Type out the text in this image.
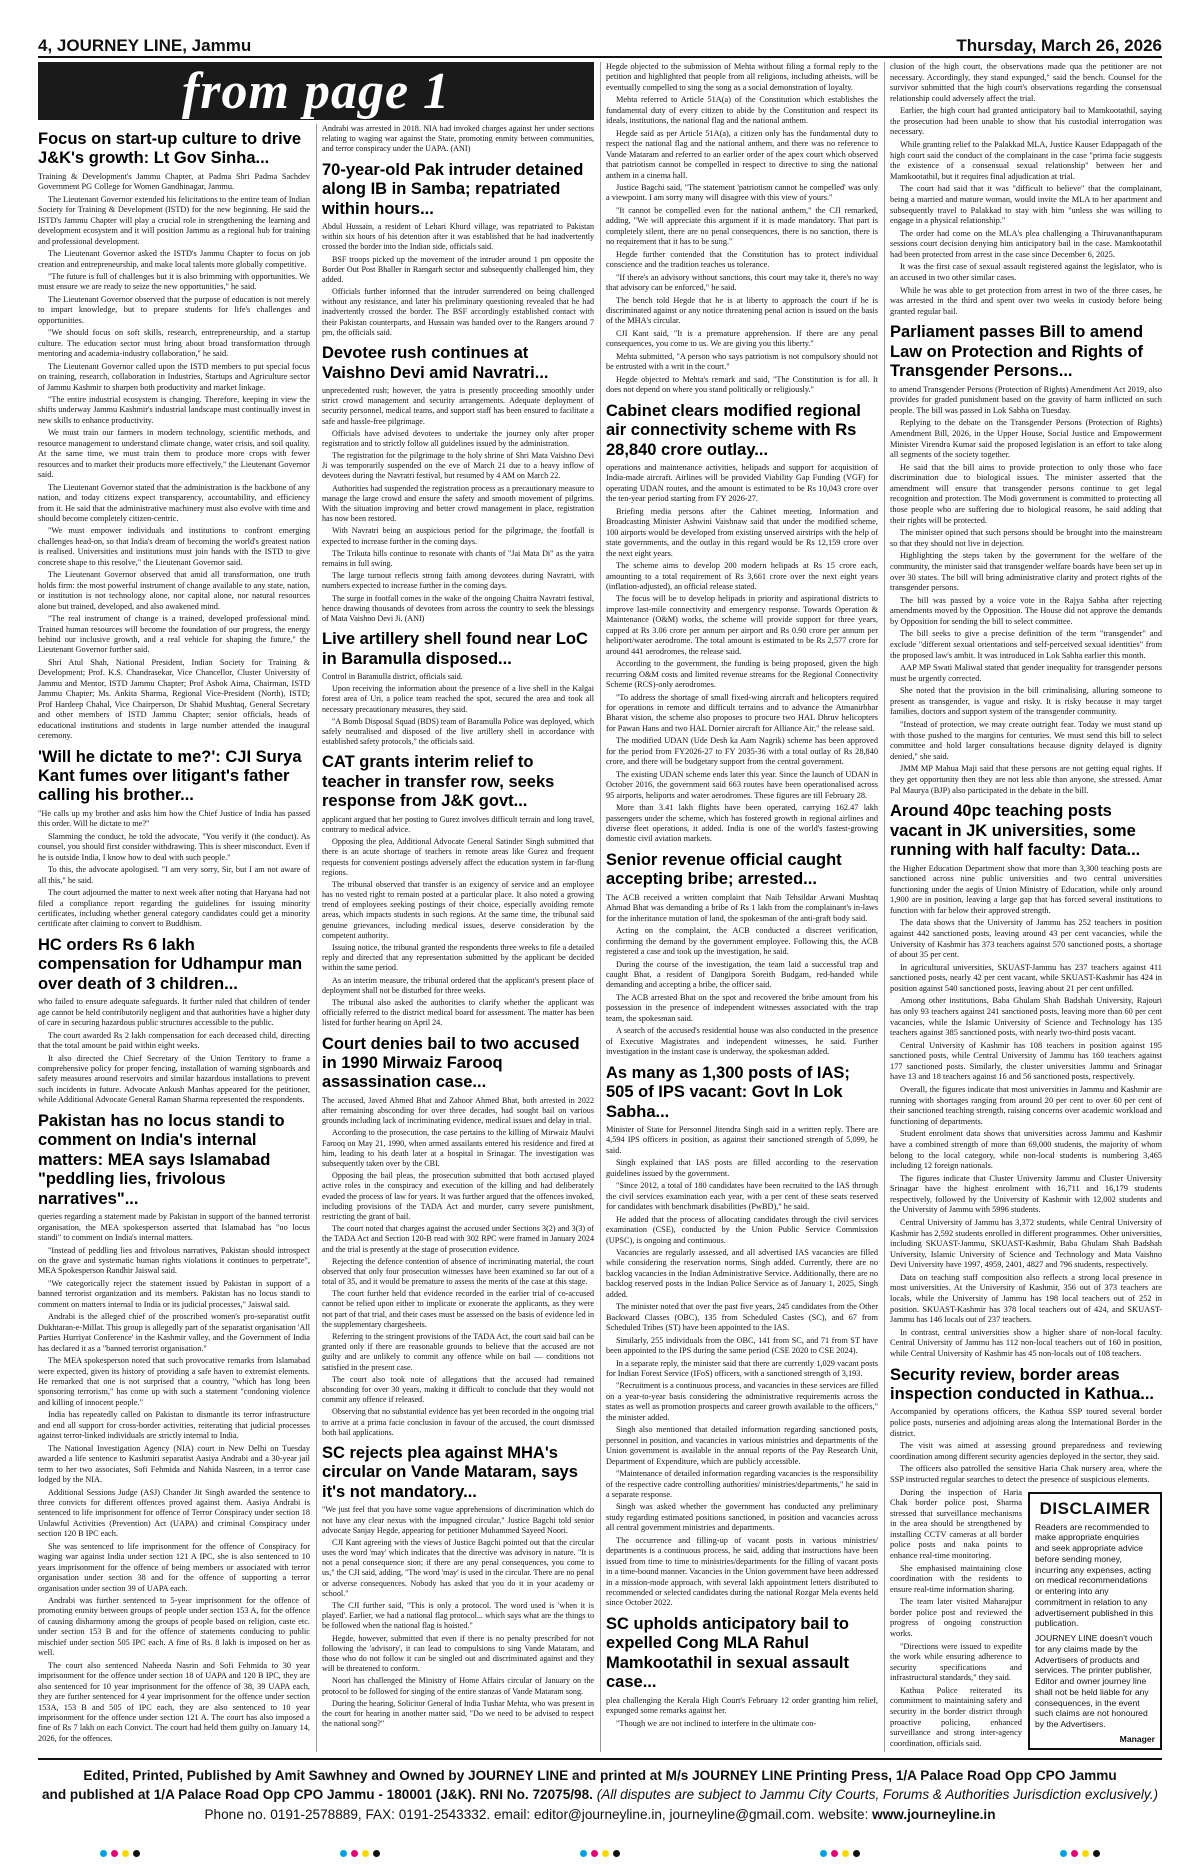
4, JOURNEY LINE, Jammu	Thursday, March 26, 2026
from page 1
Focus on start-up culture to drive J&K's growth: Lt Gov Sinha...

Training & Development's Jammu Chapter, at Padma Shri Padma Sachdev Government PG College for Women Gandhinagar, Jammu.

The Lieutenant Governor extended his felicitations to the entire team of Indian Society for Training & Development (ISTD) for the new beginning. He said the ISTD's Jammu Chapter will play a crucial role in strengthening the learning and development ecosystem and it will position Jammu as a regional hub for training and professional development.

The Lieutenant Governor asked the ISTD's Jammu Chapter to focus on job creation and entrepreneurship, and make local talents more globally competitive.

"The future is full of challenges but it is also brimming with opportunities. We must ensure we are ready to seize the new opportunities," he said.

The Lieutenant Governor observed that the purpose of education is not merely to impart knowledge, but to prepare students for life's challenges and opportunities.

"We should focus on soft skills, research, entrepreneurship, and a startup culture. The education sector must bring about broad transformation through mentoring and academia-industry collaboration," he said.

The Lieutenant Governor called upon the ISTD members to put special focus on training, research, collaboration in Industries, Startups and Agriculture sector of Jammu Kashmir to sharpen both productivity and market linkage.

"The entire industrial ecosystem is changing. Therefore, keeping in view the shifts underway Jammu Kashmir's industrial landscape must continually invest in new skills to enhance productivity.

We must train our farmers in modern technology, scientific methods, and resource management to understand climate change, water crisis, and soil quality. At the same time, we must train them to produce more crops with fewer resources and to market their products more effectively," the Lieutenant Governor said.

The Lieutenant Governor stated that the administration is the backbone of any nation, and today citizens expect transparency, accountability, and efficiency from it. He said that the administrative machinery must also evolve with time and should become completely citizen-centric.

"We must empower individuals and institutions to confront emerging challenges head-on, so that India's dream of becoming the world's greatest nation is realised. Universities and institutions must join hands with the ISTD to give concrete shape to this resolve," the Lieutenant Governor said.

The Lieutenant Governor observed that amid all transformation, one truth holds firm: the most powerful instrument of change available to any state, nation, or institution is not technology alone, nor capital alone, nor natural resources alone but trained, developed, and also awakened mind.

"The real instrument of change is a trained, developed professional mind. Trained human resources will become the foundation of our progress, the energy behind our inclusive growth, and a real vehicle for shaping the future," the Lieutenant Governor further said.

Shri Atul Shah, National President, Indian Society for Training & Development; Prof. K.S. Chandrasekar, Vice Chancellor, Cluster University of Jammu and Mentor, ISTD Jammu Chapter; Prof Ashok Aima, Chairman, ISTD Jammu Chapter; Ms. Ankita Sharma, Regional Vice-President (North), ISTD; Prof Hardeep Chahal, Vice Chairperson, Dr Shahid Mushtaq, General Secretary and other members of ISTD Jammu Chapter; senior officials, heads of educational institutions and students in large number attended the inaugural ceremony.

'Will he dictate to me?': CJI Surya Kant fumes over litigant's father calling his brother...

"He calls up my brother and asks him how the Chief Justice of India has passed this order. Will he dictate to me?"

Slamming the conduct, he told the advocate, "You verify it (the conduct). As counsel, you should first consider withdrawing. This is sheer misconduct. Even if he is outside India, I know how to deal with such people."

To this, the advocate apologised. "I am very sorry, Sir, but I am not aware of all this," he said.

The court adjourned the matter to next week after noting that Haryana had not filed a compliance report regarding the guidelines for issuing minority certificates, including whether general category candidates could get a minority certificate after claiming to convert to Buddhism.

HC orders Rs 6 lakh compensation for Udhampur man over death of 3 children...

who failed to ensure adequate safeguards. It further ruled that children of tender age cannot be held contributorily negligent and that authorities have a higher duty of care in securing hazardous public structures accessible to the public.

The court awarded Rs 2 lakh compensation for each deceased child, directing that the total amount be paid within eight weeks.

It also directed the Chief Secretary of the Union Territory to frame a comprehensive policy for proper fencing, installation of warning signboards and safety measures around reservoirs and similar hazardous installations to prevent such incidents in future. Advocate Ankush Manhas appeared for the petitioner, while Additional Advocate General Raman Sharma represented the respondents.

Pakistan has no locus standi to comment on India's internal matters: MEA says Islamabad "peddling lies, frivolous narratives"...

queries regarding a statement made by Pakistan in support of the banned terrorist organisation, the MEA spokesperson asserted that Islamabad has "no locus standi" to comment on India's internal matters.

"Instead of peddling lies and frivolous narratives, Pakistan should introspect on the grave and systematic human rights violations it continues to perpetrate", MEA Spokesperson Randhir Jaiswal said.

"We categorically reject the statement issued by Pakistan in support of a banned terrorist organization and its members. Pakistan has no locus standi to comment on matters internal to India or its judicial processes," Jaiswal said.

Andrabi is the alleged chief of the proscribed women's pro-separatist outfit Dukhtaran-e-Millat. This group is allegedly part of the separatist organisation 'All Parties Hurriyat Conference' in the Kashmir valley, and the Government of India has declared it as a "banned terrorist organisation."

The MEA spokesperson noted that such provocative remarks from Islamabad were expected, given its history of providing a safe haven to extremist elements. He remarked that one is not surprised that a country, "which has long been sponsoring terrorism," has come up with such a statement "condoning violence and killing of innocent people."

India has repeatedly called on Pakistan to dismantle its terror infrastructure and end all support for cross-border activities, reiterating that judicial processes against terror-linked individuals are strictly internal to India.

The National Investigation Agency (NIA) court in New Delhi on Tuesday awarded a life sentence to Kashmiri separatist Aasiya Andrabi and a 30-year jail term to her two associates, Sofi Fehmida and Nahida Nasreen, in a terror case lodged by the NIA.

Additional Sessions Judge (ASJ) Chander Jit Singh awarded the sentence to three convicts for different offences proved against them. Aasiya Andrabi is sentenced to life imprisonment for offence of Terror Conspiracy under section 18 Unlawful Activities (Prevention) Act (UAPA) and criminal Conspiracy under section 120 B IPC each.

She was sentenced to life imprisonment for the offence of Conspiracy for waging war against India under section 121 A IPC, she is also sentenced to 10 years imprisonment for the offence of being members or associated with terror organisation under section 38 and for the offence of supporting a terror organisation under section 39 of UAPA each.

Andrabi was further sentenced to 5-year imprisonment for the offence of promoting enmity between groups of people under section 153 A, for the offence of causing disharmony among the groups of people based on religion, caste etc. under section 153 B and for the offence of statements conducing to public mischief under section 505 IPC each. A fine of Rs. 8 lakh is imposed on her as well.

The court also sentenced Naheeda Nasrin and Sofi Fehmida to 30 year imprisonment for the offence under section 18 of UAPA and 120 B IPC, they are also sentenced for 10 year imprisonment for the offence of 38, 39 UAPA each, they are further sentenced for 4 year imprisonment for the offence under section 153A, 153 B and 505 of IPC each, they are also sentenced to 10 year imprisonment for the offence under section 121 A. The court has also imposed a fine of Rs 7 lakh on each Convict. The court had held them guilty on January 14, 2026, for the offences.

Andrabi was arrested in 2018. NIA had invoked charges against her under sections relating to waging war against the State, promoting enmity between communities, and terror conspiracy under the UAPA. (ANI)

70-year-old Pak intruder detained along IB in Samba; repatriated within hours...

Abdul Hussain, a resident of Lehari Khurd village, was repatriated to Pakistan within six hours of his detention after it was established that he had inadvertently crossed the border into the Indian side, officials said.

BSF troops picked up the movement of the intruder around 1 pm opposite the Border Out Post Bhaller in Ramgarh sector and subsequently challenged him, they added.

Officials further informed that the intruder surrendered on being challenged without any resistance, and later his preliminary questioning revealed that he had inadvertently crossed the border. The BSF accordingly established contact with their Pakistan counterparts, and Hussain was handed over to the Rangers around 7 pm, the officials said.

Devotee rush continues at Vaishno Devi amid Navratri...

unprecedented rush; however, the yatra is presently proceeding smoothly under strict crowd management and security arrangements. Adequate deployment of security personnel, medical teams, and support staff has been ensured to facilitate a safe and hassle-free pilgrimage.

Officials have advised devotees to undertake the journey only after proper registration and to strictly follow all guidelines issued by the administration.

The registration for the pilgrimage to the holy shrine of Shri Mata Vaishno Devi Ji was temporarily suspended on the eve of March 21 due to a heavy inflow of devotees during the Navratri festival, but resumed by 4 AM on March 22.

Authorities had suspended the registration process as a precautionary measure to manage the large crowd and ensure the safety and smooth movement of pilgrims. With the situation improving and better crowd management in place, registration has now been restored.

With Navratri being an auspicious period for the pilgrimage, the footfall is expected to increase further in the coming days.

The Trikuta hills continue to resonate with chants of "Jai Mata Di" as the yatra remains in full swing.

The large turnout reflects strong faith among devotees during Navratri, with numbers expected to increase further in the coming days.

The surge in footfall comes in the wake of the ongoing Chaitra Navratri festival, hence drawing thousands of devotees from across the country to seek the blessings of Mata Vaishno Devi Ji. (ANI)

Live artillery shell found near LoC in Baramulla disposed...

Control in Baramulla district, officials said.

Upon receiving the information about the presence of a live shell in the Kalgai forest area of Uri, a police team reached the spot, secured the area and took all necessary precautionary measures, they said.

"A Bomb Disposal Squad (BDS) team of Baramulla Police was deployed, which safely neutralised and disposed of the live artillery shell in accordance with established safety protocols," the officials said.

CAT grants interim relief to teacher in transfer row, seeks response from J&K govt...

applicant argued that her posting to Gurez involves difficult terrain and long travel, contrary to medical advice.

Opposing the plea, Additional Advocate General Satinder Singh submitted that there is an acute shortage of teachers in remote areas like Gurez and frequent requests for convenient postings adversely affect the education system in far-flung regions.

The tribunal observed that transfer is an exigency of service and an employee has no vested right to remain posted at a particular place. It also noted a growing trend of employees seeking postings of their choice, especially avoiding remote areas, which impacts students in such regions. At the same time, the tribunal said genuine grievances, including medical issues, deserve consideration by the competent authority.

Issuing notice, the tribunal granted the respondents three weeks to file a detailed reply and directed that any representation submitted by the applicant be decided within the same period.

As an interim measure, the tribunal ordered that the applicant's present place of deployment shall not be disturbed for three weeks.

The tribunal also asked the authorities to clarify whether the applicant was officially referred to the district medical board for assessment. The matter has been listed for further hearing on April 24.

Court denies bail to two accused in 1990 Mirwaiz Farooq assassination case...

The accused, Javed Ahmed Bhat and Zahoor Ahmed Bhat, both arrested in 2022 after remaining absconding for over three decades, had sought bail on various grounds including lack of incriminating evidence, medical issues and delay in trial.

According to the prosecution, the case pertains to the killing of Mirwaiz Maulvi Farooq on May 21, 1990, when armed assailants entered his residence and fired at him, leading to his death later at a hospital in Srinagar. The investigation was subsequently taken over by the CBI.

Opposing the bail pleas, the prosecution submitted that both accused played active roles in the conspiracy and execution of the killing and had deliberately evaded the process of law for years. It was further argued that the offences invoked, including provisions of the TADA Act and murder, carry severe punishment, restricting the grant of bail.

The court noted that charges against the accused under Sections 3(2) and 3(3) of the TADA Act and Section 120-B read with 302 RPC were framed in January 2024 and the trial is presently at the stage of prosecution evidence.

Rejecting the defence contention of absence of incriminating material, the court observed that only four prosecution witnesses have been examined so far out of a total of 35, and it would be premature to assess the merits of the case at this stage.

The court further held that evidence recorded in the earlier trial of co-accused cannot be relied upon either to implicate or exonerate the applicants, as they were not part of that trial, and their cases must be assessed on the basis of evidence led in the supplementary chargesheets.

Referring to the stringent provisions of the TADA Act, the court said bail can be granted only if there are reasonable grounds to believe that the accused are not guilty and are unlikely to commit any offence while on bail — conditions not satisfied in the present case.

The court also took note of allegations that the accused had remained absconding for over 30 years, making it difficult to conclude that they would not commit any offence if released.

Observing that no substantial evidence has yet been recorded in the ongoing trial to arrive at a prima facie conclusion in favour of the accused, the court dismissed both bail applications.

SC rejects plea against MHA's circular on Vande Mataram, says it's not mandatory...

"We just feel that you have some vague apprehensions of discrimination which do not have any clear nexus with the impugned circular," Justice Bagchi told senior advocate Sanjay Hegde, appearing for petitioner Muhammed Sayeed Noori.

CJI Kant agreeing with the views of Justice Bagchi pointed out that the circular uses the word 'may' which indicates that the directive was advisory in nature. "It is not a penal consequence sion; if there are any penal consequences, you come to us," the CJI said, adding, "The word 'may' is used in the circular. There are no penal or adverse consequences. Nobody has asked that you do it in your academy or school."

The CJI further said, "This is only a protocol. The word used is 'when it is played'. Earlier, we had a national flag protocol... which says what are the things to be followed when the national flag is hoisted."

Hegde, however, submitted that even if there is no penalty prescribed for not following the 'advisory', it can lead to compulsions to sing Vande Mataram, and those who do not follow it can be singled out and discriminated against and they will be threatened to conform.

Noori has challenged the Ministry of Home Affairs circular of January on the protocol to be followed for singing of the entire stanzas of Vande Mataram song.

During the hearing, Solicitor General of India Tushar Mehta, who was present in the court for hearing in another matter said, "Do we need to be advised to respect the national song?"

Hegde objected to the submission of Mehta without filing a formal reply to the petition and highlighted that people from all religions, including atheists, will be eventually compelled to sing the song as a social demonstration of loyalty.

Mehta referred to Article 51A(a) of the Constitution which establishes the fundamental duty of every citizen to abide by the Constitution and respect its ideals, institutions, the national flag and the national anthem.

Hegde said as per Article 51A(a), a citizen only has the fundamental duty to respect the national flag and the national anthem, and there was no reference to Vande Mataram and referred to an earlier order of the apex court which observed that patriotism cannot be compelled in respect to directive to sing the national anthem in a cinema hall.

Justice Bagchi said, "The statement 'patriotism cannot be compelled' was only a viewpoint. I am sorry many will disagree with this view of yours."

"It cannot be compelled even for the national anthem," the CJI remarked, adding, "We will appreciate this argument if it is made mandatory. That part is completely silent, there are no penal consequences, there is no sanction, there is no requirement that it has to be sung."

Hegde further contended that the Constitution has to protect individual conscience and the tradition teaches us tolerance.

"If there's an advisory without sanctions, this court may take it, there's no way that advisory can be enforced," he said.

The bench told Hegde that he is at liberty to approach the court if he is discriminated against or any notice threatening penal action is issued on the basis of the MHA's circular.

CJI Kant said, "It is a premature apprehension. If there are any penal consequences, you come to us. We are giving you this liberty."

Mehta submitted, "A person who says patriotism is not compulsory should not be entrusted with a writ in the court."

Hegde objected to Mehta's remark and said, "The Constitution is for all. It does not depend on where you stand politically or religiously."

Cabinet clears modified regional air connectivity scheme with Rs 28,840 crore outlay...

operations and maintenance activities, helipads and support for acquisition of India-made aircraft. Airlines will be provided Viability Gap Funding (VGF) for operating UDAN routes, and the amount is estimated to be Rs 10,043 crore over the ten-year period starting from FY 2026-27.

Briefing media persons after the Cabinet meeting, Information and Broadcasting Minister Ashwini Vaishnaw said that under the modified scheme, 100 airports would be developed from existing unserved airstrips with the help of state governments, and the outlay in this regard would be Rs 12,159 crore over the next eight years.

The scheme aims to develop 200 modern helipads at Rs 15 crore each, amounting to a total requirement of Rs 3,661 crore over the next eight years (inflation-adjusted), an official release stated.

The focus will be to develop helipads in priority and aspirational districts to improve last-mile connectivity and emergency response. Towards Operation & Maintenance (O&M) works, the scheme will provide support for three years, capped at Rs 3.06 crore per annum per airport and Rs 0.90 crore per annum per heliport/water aerodrome. The total amount is estimated to be Rs 2,577 crore for around 441 aerodromes, the release said.

According to the government, the funding is being proposed, given the high recurring O&M costs and limited revenue streams for the Regional Connectivity Scheme (RCS)-only aerodromes.

"To address the shortage of small fixed-wing aircraft and helicopters required for operations in remote and difficult terrains and to advance the Atmanirbhar Bharat vision, the scheme also proposes to procure two HAL Dhruv helicopters for Pawan Hans and two HAL Dornier aircraft for Alliance Air," the release said.

The modified UDAN (Ude Desh ka Aam Nagrik) scheme has been approved for the period from FY2026-27 to FY 2035-36 with a total outlay of Rs 28,840 crore, and there will be budgetary support from the central government.

The existing UDAN scheme ends later this year. Since the launch of UDAN in October 2016, the government said 663 routes have been operationalised across 95 airports, heliports and water aerodromes. These figures are till February 28.

More than 3.41 lakh flights have been operated, carrying 162.47 lakh passengers under the scheme, which has fostered growth in regional airlines and diverse fleet operations, it added. India is one of the world's fastest-growing domestic civil aviation markets.

Senior revenue official caught accepting bribe; arrested...

The ACB received a written complaint that Naib Tehsildar Arwani Mushtaq Ahmad Bhat was demanding a bribe of Rs 1 lakh from the complainant's in-laws for the inheritance mutation of land, the spokesman of the anti-graft body said.

Acting on the complaint, the ACB conducted a discreet verification, confirming the demand by the government employee. Following this, the ACB registered a case and took up the investigation, he said.

During the course of the investigation, the team laid a successful trap and caught Bhat, a resident of Dangipora Soreith Budgam, red-handed while demanding and accepting a bribe, the officer said.

The ACB arrested Bhat on the spot and recovered the bribe amount from his possession in the presence of independent witnesses associated with the trap team, the spokesman said.

A search of the accused's residential house was also conducted in the presence of Executive Magistrates and independent witnesses, he said. Further investigation in the instant case is underway, the spokesman added.

As many as 1,300 posts of IAS; 505 of IPS vacant: Govt In Lok Sabha...

Minister of State for Personnel Jitendra Singh said in a written reply. There are 4,594 IPS officers in position, as against their sanctioned strength of 5,099, he said.

Singh explained that IAS posts are filled according to the reservation guidelines issued by the government.

"Since 2012, a total of 180 candidates have been recruited to the IAS through the civil services examination each year, with a per cent of these seats reserved for candidates with benchmark disabilities (PwBD)," he said.

He added that the process of allocating candidates through the civil services examination (CSE), conducted by the Union Public Service Commission (UPSC), is ongoing and continuous.

Vacancies are regularly assessed, and all advertised IAS vacancies are filled while considering the reservation norms, Singh added. Currently, there are no backlog vacancies in the Indian Administrative Service. Additionally, there are no backlog reserved posts in the Indian Police Service as of January 1, 2025, Singh added.

The minister noted that over the past five years, 245 candidates from the Other Backward Classes (OBC), 135 from Scheduled Castes (SC), and 67 from Scheduled Tribes (ST) have been appointed to the IAS.

Similarly, 255 individuals from the OBC, 141 from SC, and 71 from ST have been appointed to the IPS during the same period (CSE 2020 to CSE 2024).

In a separate reply, the minister said that there are currently 1,029 vacant posts for Indian Forest Service (IFoS) officers, with a sanctioned strength of 3,193.

"Recruitment is a continuous process, and vacancies in these services are filled on a year-to-year basis considering the administrative requirements across the states as well as promotion prospects and career growth available to the officers," the minister added.

Singh also mentioned that detailed information regarding sanctioned posts, personnel in position, and vacancies in various ministries and departments of the Union government is available in the annual reports of the Pay Research Unit, Department of Expenditure, which are publicly accessible.

"Maintenance of detailed information regarding vacancies is the responsibility of the respective cadre controlling authorities/ ministries/departments," he said in a separate response.

Singh was asked whether the government has conducted any preliminary study regarding estimated positions sanctioned, in position and vacancies across all central government ministries and departments.

The occurrence and filling-up of vacant posts in various ministries/ departments is a continuous process, he said, adding that instructions have been issued from time to time to ministries/departments for the filling of vacant posts in a time-bound manner. Vacancies in the Union government have been addressed in a mission-mode approach, with several lakh appointment letters distributed to recommended or selected candidates during the national Rozgar Mela events held since October 2022.

SC upholds anticipatory bail to expelled Cong MLA Rahul Mamkootathil in sexual assault case...

plea challenging the Kerala High Court's February 12 order granting him relief, expunged some remarks against her.

"Though we are not inclined to interfere in the ultimate con-

clusion of the high court, the observations made qua the petitioner are not necessary. Accordingly, they stand expunged," said the bench. Counsel for the survivor submitted that the high court's observations regarding the consensual relationship could adversely affect the trial.

Earlier, the high court had granted anticipatory bail to Mamkootathil, saying the prosecution had been unable to show that his custodial interrogation was necessary.

While granting relief to the Palakkad MLA, Justice Kauser Edappagath of the high court said the conduct of the complainant in the case "prima facie suggests the existence of a consensual sexual relationship" between her and Mamkootathil, but it requires final adjudication at trial.

The court had said that it was "difficult to believe" that the complainant, being a married and mature woman, would invite the MLA to her apartment and subsequently travel to Palakkad to stay with him "unless she was willing to engage in a physical relationship."

The order had come on the MLA's plea challenging a Thiruvananthapuram sessions court decision denying him anticipatory bail in the case. Mamkootathil had been protected from arrest in the case since December 6, 2025.

It was the first case of sexual assault registered against the legislator, who is an accused in two other similar cases.

While he was able to get protection from arrest in two of the three cases, he was arrested in the third and spent over two weeks in custody before being granted regular bail.

Parliament passes Bill to amend Law on Protection and Rights of Transgender Persons...

to amend Transgender Persons (Protection of Rights) Amendment Act 2019, also provides for graded punishment based on the gravity of harm inflicted on such people. The bill was passed in Lok Sabha on Tuesday.

Replying to the debate on the Transgender Persons (Protection of Rights) Amendment Bill, 2026, in the Upper House, Social Justice and Empowerment Minister Virendra Kumar said the proposed legislation is an effort to take along all segments of the society together.

He said that the bill aims to provide protection to only those who face discrimination due to biological issues. The minister asserted that the amendment will ensure that transgender persons continue to get legal recognition and protection. The Modi government is committed to protecting all those people who are suffering due to biological reasons, he said adding that their rights will be protected.

The minister opined that such persons should be brought into the mainstream so that they should not live in dejection.

Highlighting the steps taken by the government for the welfare of the community, the minister said that transgender welfare boards have been set up in over 30 states. The bill will bring administrative clarity and protect rights of the transgender persons.

The bill was passed by a voice vote in the Rajya Sabha after rejecting amendments moved by the Opposition. The House did not approve the demands by Opposition for sending the bill to select committee.

The bill seeks to give a precise definition of the term "transgender" and exclude "different sexual orientations and self-perceived sexual identities" from the proposed law's ambit. It was introduced in Lok Sabha earlier this month.

AAP MP Swati Maliwal stated that gender inequality for transgender persons must be urgently corrected.

She noted that the provision in the bill criminalising, alluring someone to present as transgender, is vague and risky. It is risky because it may target families, doctors and support system of the transgender community.

"Instead of protection, we may create outright fear. Today we must stand up with those pushed to the margins for centuries. We must send this bill to select committee and hold larger consultations because dignity delayed is dignity denied," she said.

JMM MP Mahua Maji said that these persons are not getting equal rights. If they get opportunity then they are not less able than anyone, she stressed. Amar Pal Maurya (BJP) also participated in the debate in the bill.

Around 40pc teaching posts vacant in JK universities, some running with half faculty: Data...

the Higher Education Department show that more than 3,300 teaching posts are sanctioned across nine public universities and two central universities functioning under the aegis of Union Ministry of Education, while only around 1,900 are in position, leaving a large gap that has forced several institutions to function with far below their approved strength.

The data shows that the University of Jammu has 252 teachers in position against 442 sanctioned posts, leaving around 43 per cent vacancies, while the University of Kashmir has 373 teachers against 570 sanctioned posts, a shortage of about 35 per cent.

In agricultural universities, SKUAST-Jammu has 237 teachers against 411 sanctioned posts, nearly 42 per cent vacant, while SKUAST-Kashmir has 424 in position against 540 sanctioned posts, leaving about 21 per cent unfilled.

Among other institutions, Baba Ghulam Shah Badshah University, Rajouri has only 93 teachers against 241 sanctioned posts, leaving more than 60 per cent vacancies, while the Islamic University of Science and Technology has 135 teachers against 385 sanctioned posts, with nearly two-third posts vacant.

Central University of Kashmir has 108 teachers in position against 195 sanctioned posts, while Central University of Jammu has 160 teachers against 177 sanctioned posts. Similarly, the cluster universities Jammu and Srinagar have 13 and 18 teachers against 16 and 56 sanctioned posts, respectively.

Overall, the figures indicate that most universities in Jammu and Kashmir are running with shortages ranging from around 20 per cent to over 60 per cent of their sanctioned teaching strength, raising concerns over academic workload and functioning of departments.

Student enrolment data shows that universities across Jammu and Kashmir have a combined strength of more than 69,000 students, the majority of whom belong to the local category, while non-local students is numbering 3,465 including 12 foreign nationals.

The figures indicate that Cluster University Jammu and Cluster University Srinagar have the highest enrolment with 16,711 and 16,179 students respectively, followed by the University of Kashmir with 12,002 students and the University of Jammu with 5996 students.

Central University of Jammu has 3,372 students, while Central University of Kashmir has 2,592 students enrolled in different programmes. Other universities, including SKUAST-Jammu, SKUAST-Kashmir, Baba Ghulam Shah Badshah University, Islamic University of Science and Technology and Mata Vaishno Devi University have 1997, 4959, 2401, 4827 and 796 students, respectively.

Data on teaching staff composition also reflects a strong local presence in most universities. At the University of Kashmir, 356 out of 373 teachers are locals, while the University of Jammu has 198 local teachers out of 252 in position. SKUAST-Kashmir has 378 local teachers out of 424, and SKUAST-Jammu has 146 locals out of 237 teachers.

In contrast, central universities show a higher share of non-local faculty. Central University of Jammu has 112 non-local teachers out of 160 in position, while Central University of Kashmir has 45 non-locals out of 108 teachers.

Security review, border areas inspection conducted in Kathua...

Accompanied by operations officers, the Kathua SSP toured several border police posts, nurseries and adjoining areas along the International Border in the district.

The visit was aimed at assessing ground preparedness and reviewing coordination among different security agencies deployed in the sector, they said.

The officers also patrolled the sensitive Haria Chak nursery area, where the SSP instructed regular searches to detect the presence of suspicious elements.

DISCLAIMER

Readers are recommended to make appropriate enquiries and seek appropriate advice before sending money, incurring any expenses, acting on medical recommendations or entering into any commitment in relation to any advertisement published in this publication.

JOURNEY LINE doesn't vouch for any claims made by the Advertisers of products and services. The printer publisher, Editor and owner journey line shall not be held liable for any consequences, in the event such claims are not honoured by the Advertisers.

Manager

During the inspection of Haria Chak border police post, Sharma stressed that surveillance mechanisms in the area should be strengthened by installing CCTV cameras at all border police posts and naka points to enhance real-time monitoring.

She emphasised maintaining close coordination with the residents to ensure real-time information sharing.

The team later visited Maharajpur border police post and reviewed the progress of ongoing construction works.

"Directions were issued to expedite the work while ensuring adherence to security specifications and infrastructural standards," they said.

Kathua Police reiterated its commitment to maintaining safety and security in the border district through proactive policing, enhanced surveillance and strong inter-agency coordination, officials said.

Edited, Printed, Published by Amit Sawhney and Owned by JOURNEY LINE and printed at M/s JOURNEY LINE Printing Press, 1/A Palace Road Opp CPO Jammu
and published at 1/A Palace Road Opp CPO Jammu - 180001 (J&K). RNI No. 72075/98. (All disputes are subject to Jammu City Courts, Forums & Authorities Jurisdiction exclusively.)
Phone no. 0191-2578889, FAX: 0191-2543332. email: editor@journeyline.in, journeyline@gmail.com. website: www.journeyline.in
